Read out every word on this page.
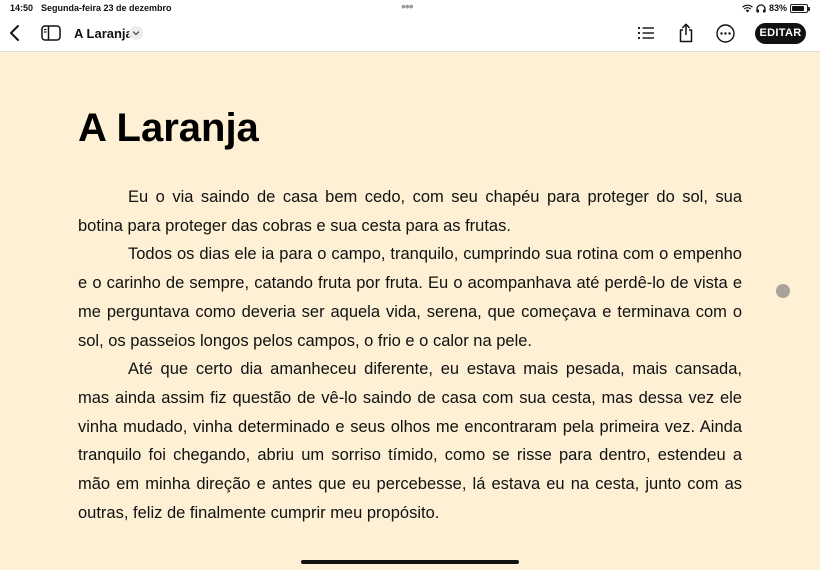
14:50 Segunda-feira 23 de dezembro	•••	83%
A Laranja	EDITAR
A Laranja

Eu o via saindo de casa bem cedo, com seu chapéu para proteger do sol, sua botina para proteger das cobras e sua cesta para as frutas.

Todos os dias ele ia para o campo, tranquilo, cumprindo sua rotina com o empenho e o carinho de sempre, catando fruta por fruta. Eu o acompanhava até perdê-lo de vista e me perguntava como deveria ser aquela vida, serena, que começava e terminava com o sol, os passeios longos pelos campos, o frio e o calor na pele.

Até que certo dia amanheceu diferente, eu estava mais pesada, mais cansada, mas ainda assim fiz questão de vê-lo saindo de casa com sua cesta, mas dessa vez ele vinha mudado, vinha determinado e seus olhos me encontraram pela primeira vez. Ainda tranquilo foi chegando, abriu um sorriso tímido, como se risse para dentro, estendeu a mão em minha direção e antes que eu percebesse, lá estava eu na cesta, junto com as outras, feliz de finalmente cumprir meu propósito.
